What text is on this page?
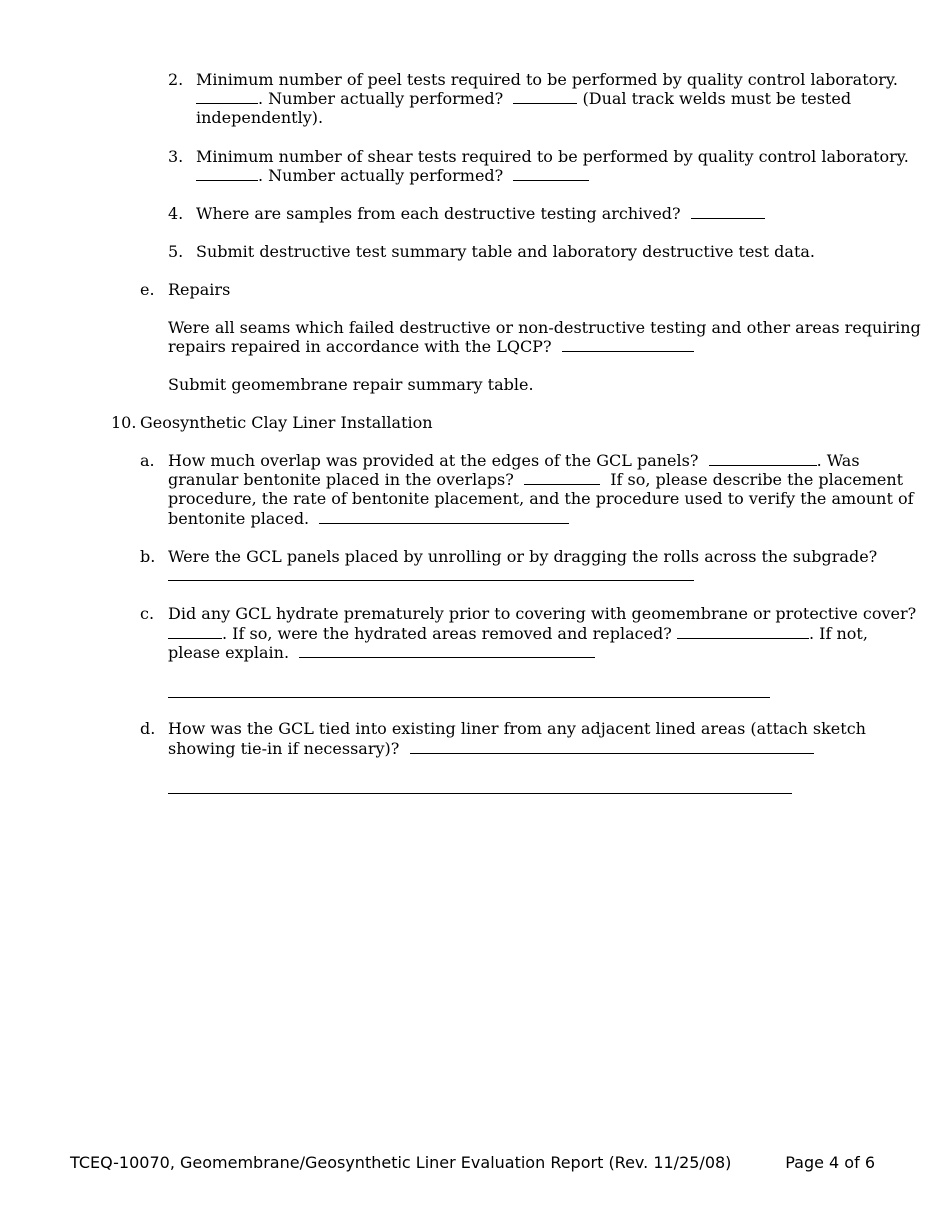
2. Minimum number of peel tests required to be performed by quality control laboratory.
. Number actually performed?	(Dual track welds must be tested
independently).
3. Minimum number of shear tests required to be performed by quality control laboratory.
. Number actually performed?
4. Where are samples from each destructive testing archived?
5. Submit destructive test summary table and laboratory destructive test data.
e. Repairs
Were all seams which failed destructive or non-destructive testing and other areas requiring
repairs repaired in accordance with the LQCP?
Submit geomembrane repair summary table.
10. Geosynthetic Clay Liner Installation
a. How much overlap was provided at the edges of the GCL panels?	. Was
granular bentonite placed in the overlaps?	If so, please describe the placement
procedure, the rate of bentonite placement, and the procedure used to verify the amount of
bentonite placed.
b. Were the GCL panels placed by unrolling or by dragging the rolls across the subgrade?
c. Did any GCL hydrate prematurely prior to covering with geomembrane or protective cover?
. If so, were the hydrated areas removed and replaced?	. If not,
please explain.
d. How was the GCL tied into existing liner from any adjacent lined areas (attach sketch
showing tie-in if necessary)?
TCEQ-10070, Geomembrane/Geosynthetic Liner Evaluation Report (Rev. 11/25/08)	Page 4 of 6
